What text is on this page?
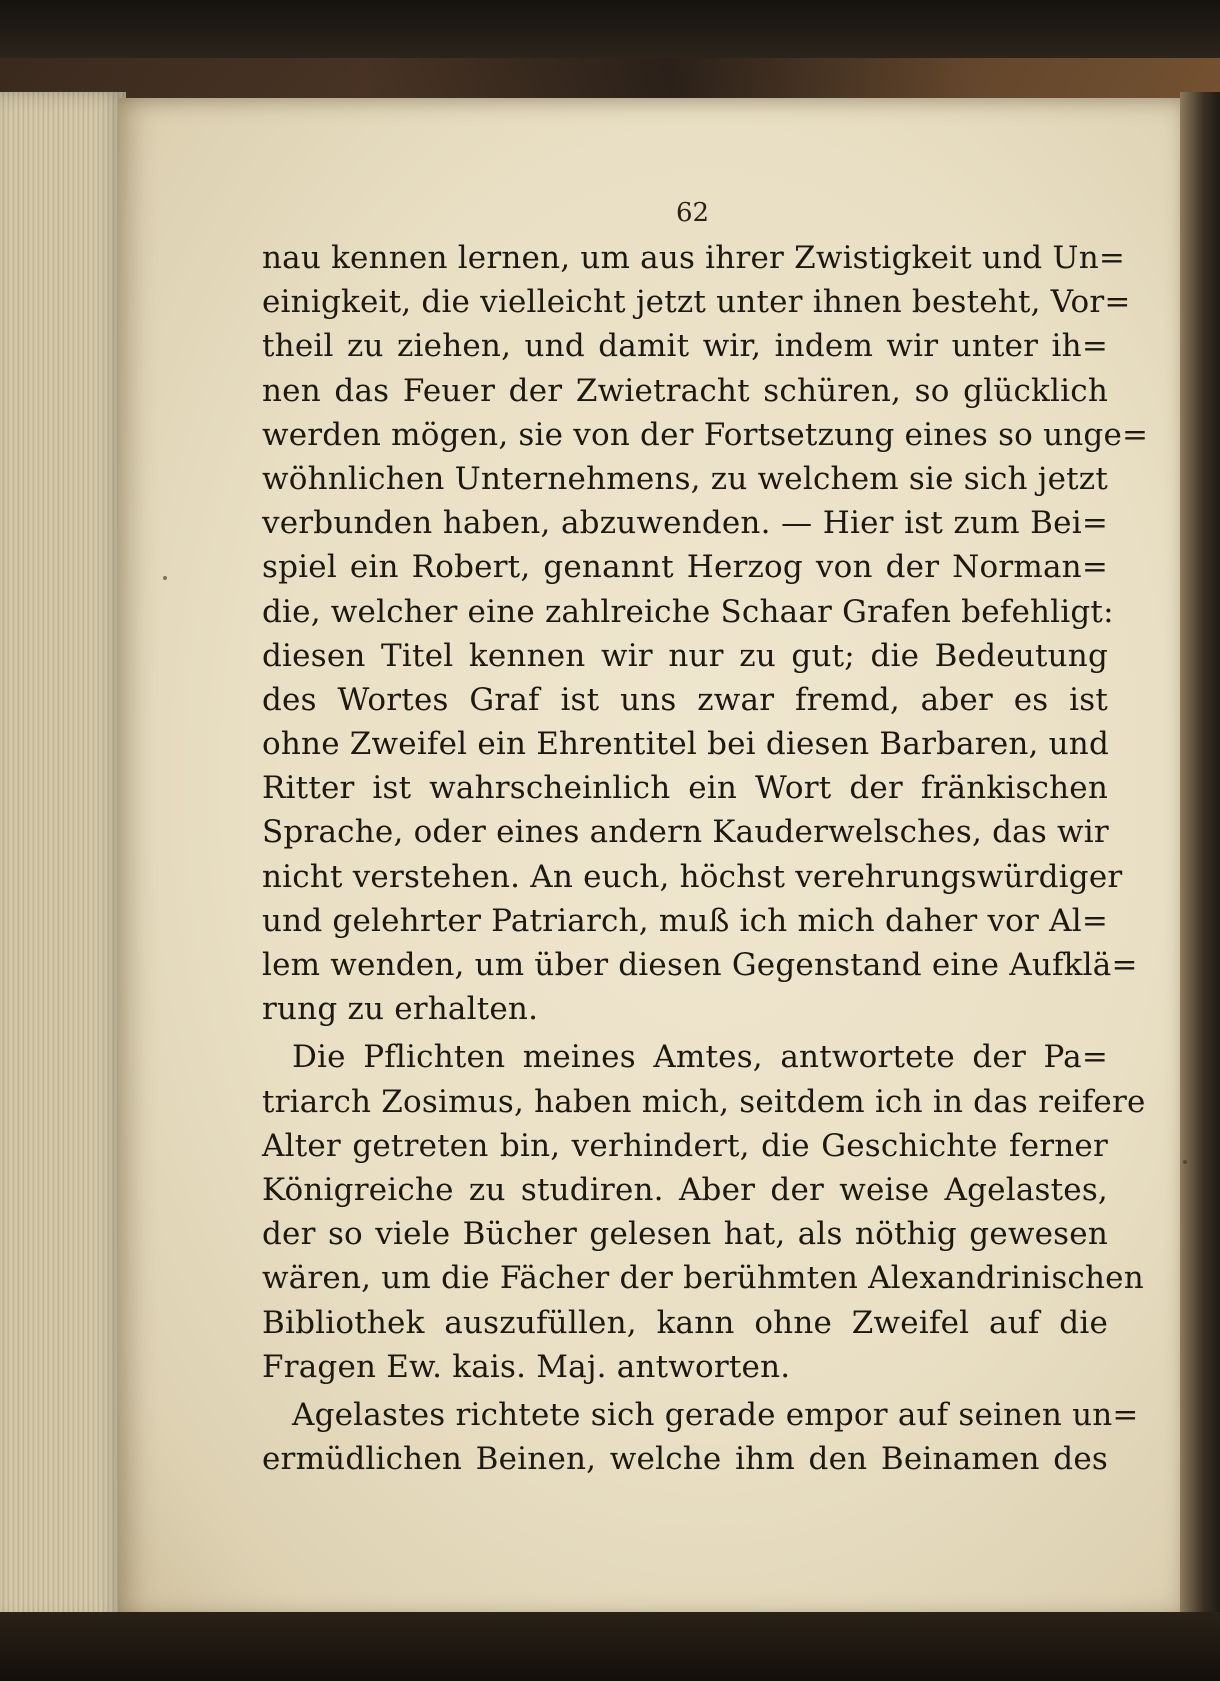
62
nau kennen lernen, um aus ihrer Zwistigkeit und Un=
einigkeit, die vielleicht jetzt unter ihnen besteht, Vor=
theil zu ziehen, und damit wir, indem wir unter ih=
nen das Feuer der Zwietracht schüren, so glücklich
werden mögen, sie von der Fortsetzung eines so unge=
wöhnlichen Unternehmens, zu welchem sie sich jetzt
verbunden haben, abzuwenden. — Hier ist zum Bei=
spiel ein Robert, genannt Herzog von der Norman=
die, welcher eine zahlreiche Schaar Grafen befehligt:
diesen Titel kennen wir nur zu gut; die Bedeutung
des Wortes Graf ist uns zwar fremd, aber es ist
ohne Zweifel ein Ehrentitel bei diesen Barbaren, und
Ritter ist wahrscheinlich ein Wort der fränkischen
Sprache, oder eines andern Kauderwelsches, das wir
nicht verstehen. An euch, höchst verehrungswürdiger
und gelehrter Patriarch, muß ich mich daher vor Al=
lem wenden, um über diesen Gegenstand eine Aufklä=
rung zu erhalten.
Die Pflichten meines Amtes, antwortete der Pa=
triarch Zosimus, haben mich, seitdem ich in das reifere
Alter getreten bin, verhindert, die Geschichte ferner
Königreiche zu studiren. Aber der weise Agelastes,
der so viele Bücher gelesen hat, als nöthig gewesen
wären, um die Fächer der berühmten Alexandrinischen
Bibliothek auszufüllen, kann ohne Zweifel auf die
Fragen Ew. kais. Maj. antworten.
Agelastes richtete sich gerade empor auf seinen un=
ermüdlichen Beinen, welche ihm den Beinamen des
